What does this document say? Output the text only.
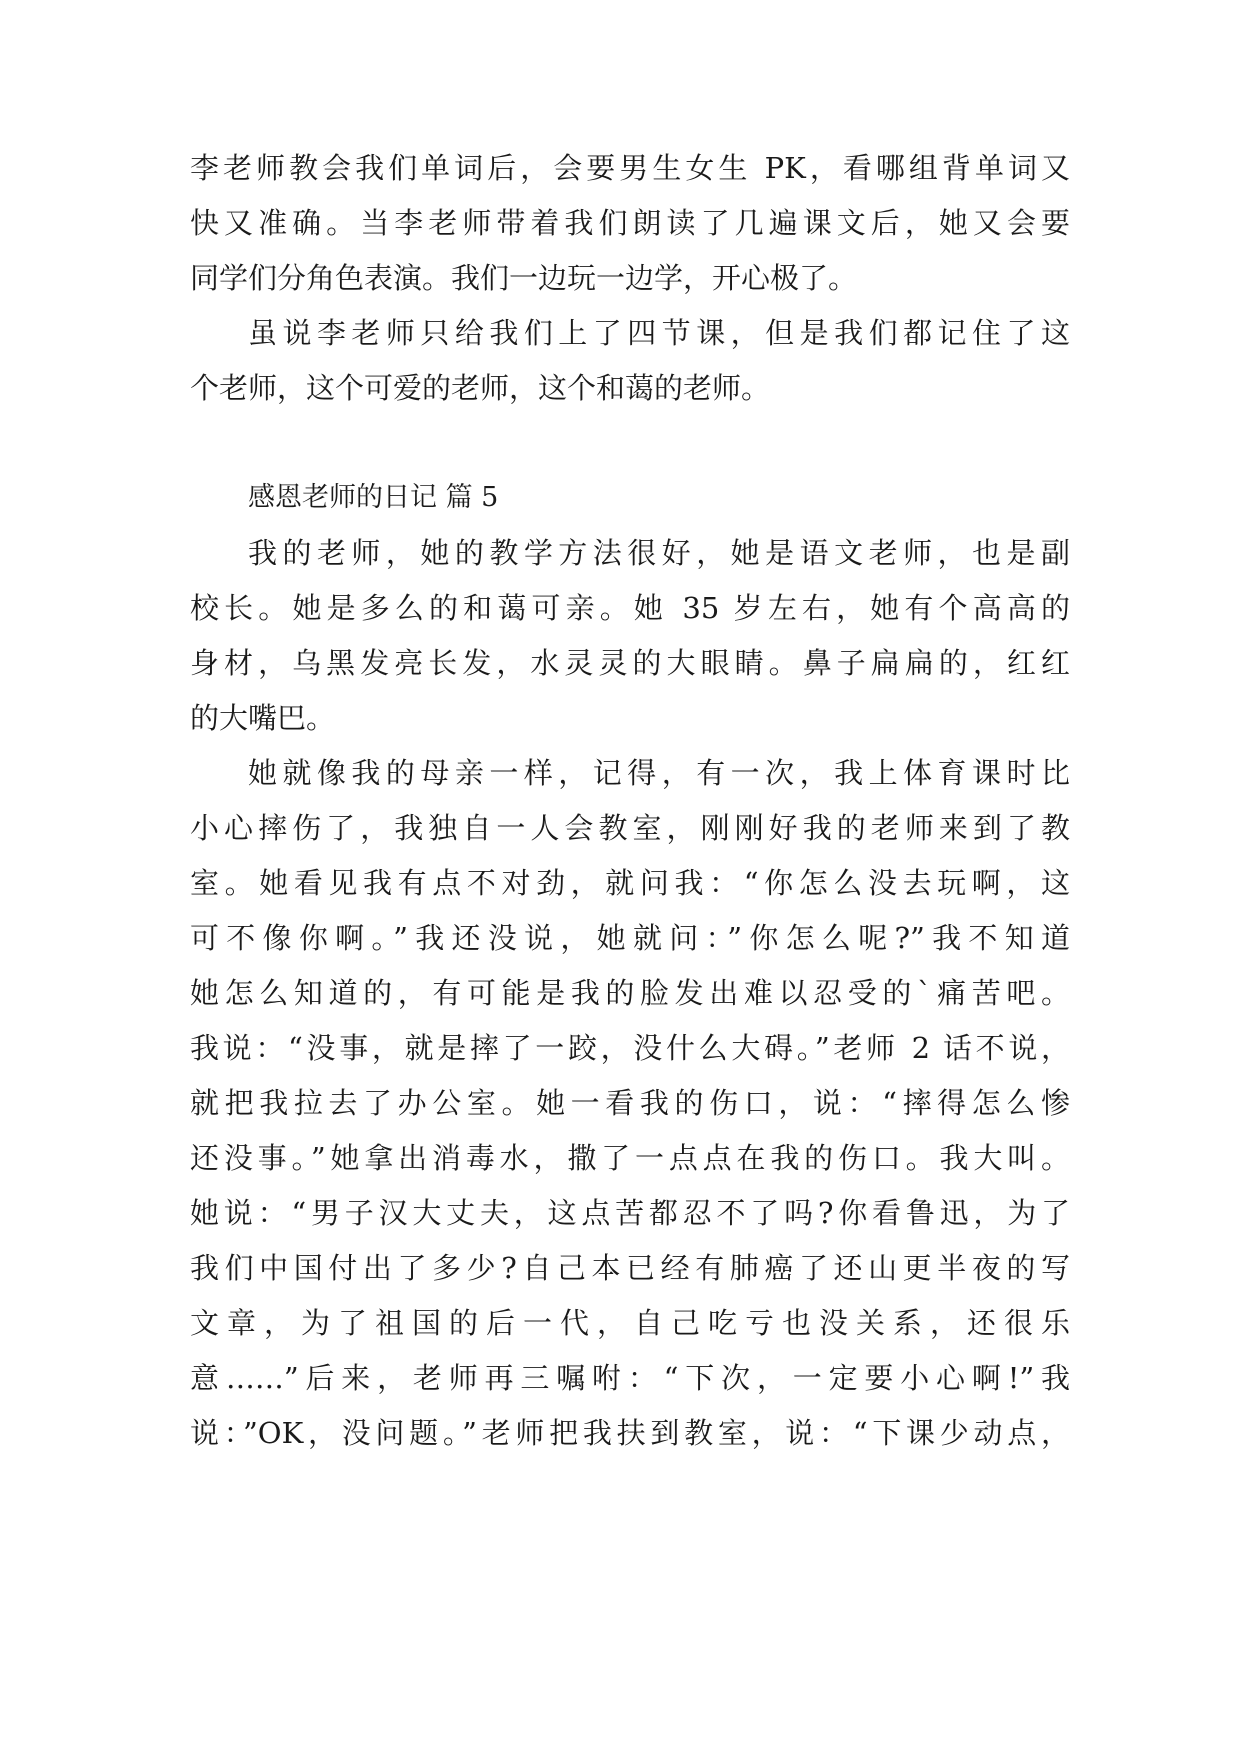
李老师教会我们单词后，会要男生女生 PK，看哪组背单词又
快又准确。当李老师带着我们朗读了几遍课文后，她又会要
同学们分角色表演。我们一边玩一边学，开心极了。
虽说李老师只给我们上了四节课，但是我们都记住了这
个老师，这个可爱的老师，这个和蔼的老师。
感恩老师的日记 篇 5
我的老师，她的教学方法很好，她是语文老师，也是副
校长。她是多么的和蔼可亲。她 35 岁左右，她有个高高的
身材，乌黑发亮长发，水灵灵的大眼睛。鼻子扁扁的，红红
的大嘴巴。
她就像我的母亲一样，记得，有一次，我上体育课时比
小心摔伤了，我独自一人会教室，刚刚好我的老师来到了教
室。她看见我有点不对劲，就问我：“你怎么没去玩啊，这
可不像你啊。”我还没说，她就问：”你怎么呢?”我不知道
她怎么知道的，有可能是我的脸发出难以忍受的`痛苦吧。
我说：“没事，就是摔了一跤，没什么大碍。”老师 2 话不说，
就把我拉去了办公室。她一看我的伤口，说：“摔得怎么惨
还没事。”她拿出消毒水，撒了一点点在我的伤口。我大叫。
她说：“男子汉大丈夫，这点苦都忍不了吗?你看鲁迅，为了
我们中国付出了多少?自己本已经有肺癌了还山更半夜的写
文章，为了祖国的后一代，自己吃亏也没关系，还很乐
意……”后来，老师再三嘱咐：“下次，一定要小心啊!”我
说：”OK，没问题。”老师把我扶到教室，说：“下课少动点，
